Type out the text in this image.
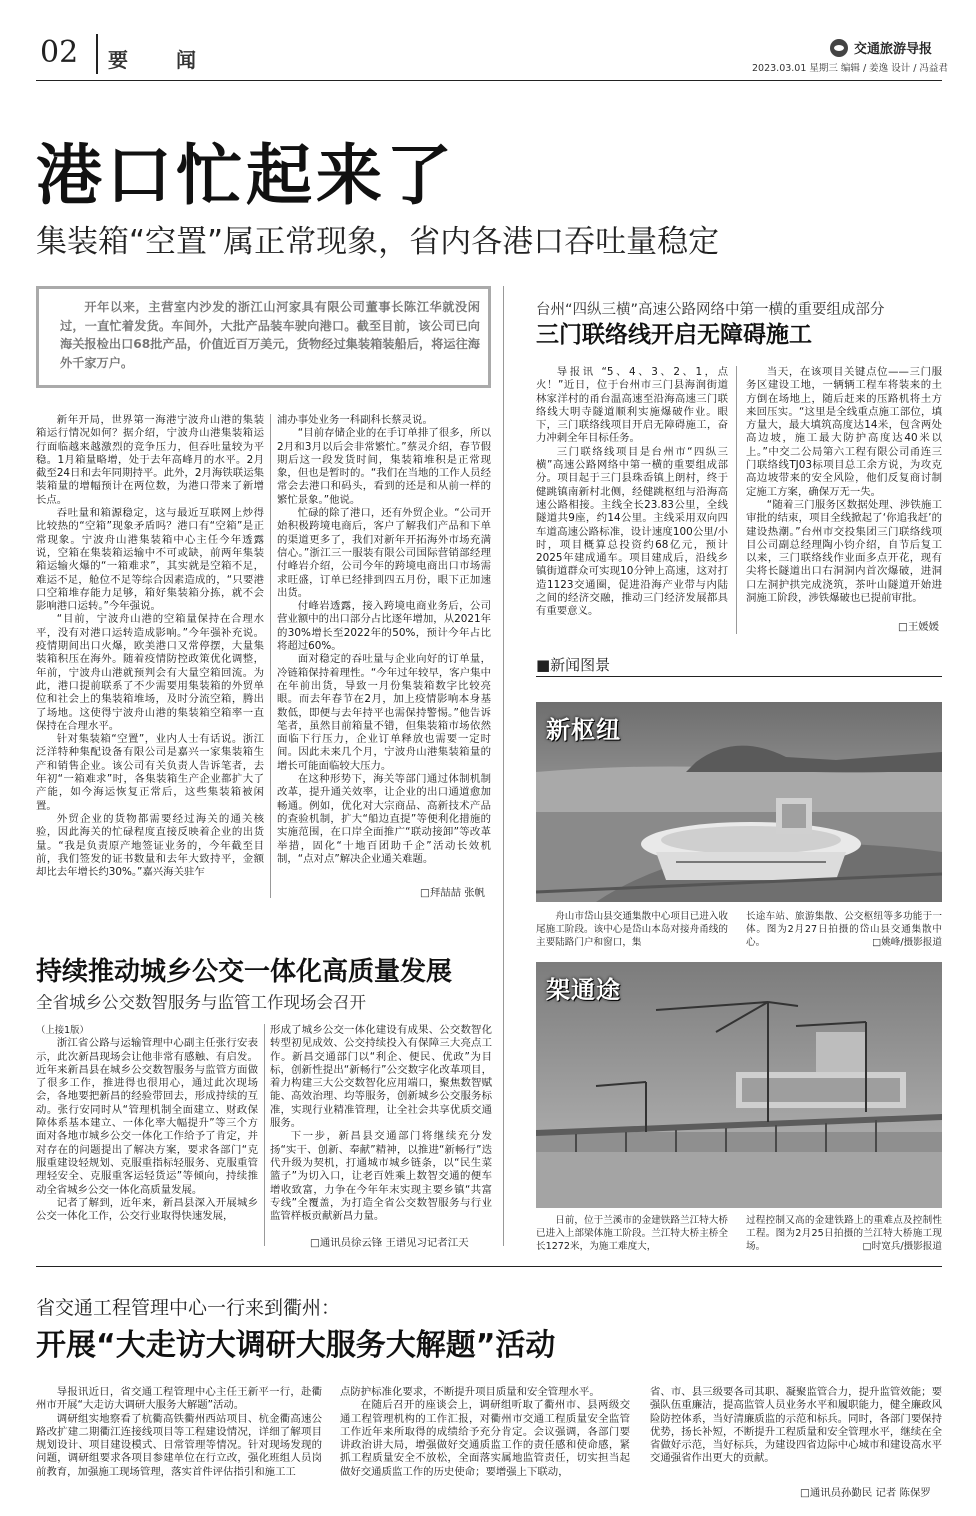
02 要　闻	交通旅游导报
2023.03.01 星期三 编辑 / 姜逸 设计 / 冯益君
港口忙起来了
集装箱“空置”属正常现象，省内各港口吞吐量稳定
开年以来，主营室内沙发的浙江山河家具有限公司董事长陈江华就没闲过，一直忙着发货。车间外，大批产品装车驶向港口。截至目前，该公司已向海关报检出口68批产品，价值近百万美元，货物经过集装箱装船后，将运往海外千家万户。

新年开局，世界第一海港宁波舟山港的集装箱运行情况如何？据介绍，宁波舟山港集装箱运行面临越来越激烈的竞争压力，但吞吐量较为平稳。1月箱量略增，处于去年高峰月的水平。2月截至24日和去年同期持平。此外，2月海铁联运集装箱量的增幅预计在两位数，为港口带来了新增长点。

吞吐量和箱源稳定，这与最近互联网上炒得比较热的“空箱”现象矛盾吗？港口有“空箱”是正常现象。宁波舟山港集装箱中心主任今年透露说，空箱在集装箱运输中不可或缺，前两年集装箱运输火爆的“一箱难求”，其实就是空箱不足，难运不足，舱位不足等综合因素造成的，“只要港口空箱堆存能力足够，箱好集装箱分拣，就不会影响港口运转。”今年强说。

“目前，宁波舟山港的空箱量保持在合理水平，没有对港口运转造成影响。”今年强补充说。疫情期间出口火爆，欧美港口又常停摆，大量集装箱积压在海外。随着疫情防控政策优化调整，年前，宁波舟山港就预判会有大量空箱回流。为此，港口提前联系了不少需要用集装箱的外贸单位和社会上的集装箱堆场，及时分流空箱，腾出了场地。这使得宁波舟山港的集装箱空箱率一直保持在合理水平。

针对集装箱“空置”，业内人士有话说。浙江泛洋特种集配设备有限公司是嘉兴一家集装箱生产和销售企业。该公司有关负责人告诉笔者，去年初“一箱难求”时，各集装箱生产企业都扩大了产能，如今海运恢复正常后，这些集装箱被闲置。

外贸企业的货物都需要经过海关的通关核验，因此海关的忙碌程度直接反映着企业的出货量。“我是负责原产地签证业务的，今年截至目前，我们签发的证书数量和去年大致持平，金额却比去年增长约30%。”嘉兴海关驻乍

浦办事处业务一科副科长蔡灵说。

“目前存储企业的在手订单排了很多，所以2月和3月以后会非常繁忙。”蔡灵介绍，春节假期后这一段发货时间，集装箱堆积是正常现象，但也是暂时的。“我们在当地的工作人员经常会去港口和码头，看到的还是和从前一样的繁忙景象。”他说。

忙碌的除了港口，还有外贸企业。“公司开始积极跨境电商后，客户了解我们产品和下单的渠道更多了，我们对新年开拓海外市场充满信心。”浙江三一服装有限公司国际营销部经理付峰岩介绍，公司今年的跨境电商出口市场需求旺盛，订单已经排到四五月份，眼下正加速出货。

付峰岩透露，接入跨境电商业务后，公司营业额中的出口部分占比逐年增加，从2021年的30%增长至2022年的50%，预计今年占比将超过60%。

面对稳定的吞吐量与企业向好的订单量，冷链箱保持着理性。“今年过年较早，客户集中在年前出货，导致一月份集装箱数字比较亮眼。而去年春节在2月，加上疫情影响本身基数低，即便与去年持平也需保持警惕。”他告诉笔者，虽然目前箱量不错，但集装箱市场依然面临下行压力，企业订单释放也需要一定时间。因此未来几个月，宁波舟山港集装箱量的增长可能面临较大压力。

在这种形势下，海关等部门通过体制机制改革，提升通关效率，让企业的出口通道愈加畅通。例如，优化对大宗商品、高新技术产品的查验机制，扩大“船边直提”等便利化措施的实施范围，在口岸全面推广“联动接卸”等改革举措，固化“十地百团助千企”活动长效机制，“点对点”解决企业通关难题。

□拜喆喆 张帆
台州“四纵三横”高速公路网络中第一横的重要组成部分
三门联络线开启无障碍施工

导报讯 “5、4、3、2、1，点火！”近日，位于台州市三门县海润街道林家洋村的甬台温高速至沿海高速三门联络线大明寺隧道顺利实施爆破作业。眼下，三门联络线项目开启无障碍施工，奋力冲刺全年目标任务。

三门联络线项目是台州市“四纵三横”高速公路网络中第一横的重要组成部分。项目起于三门县珠岙镇上朗村，终于健跳镇南新村北侧，经健跳枢纽与沿海高速公路相接。主线全长23.83公里，全线隧道共9座，约14公里。主线采用双向四车道高速公路标准，设计速度100公里/小时，项目概算总投资约68亿元，预计2025年建成通车。项目建成后，沿线乡镇街道群众可实现10分钟上高速，这对打造1123交通圈，促进沿海产业带与内陆之间的经济交融，推动三门经济发展都具有重要意义。

当天，在该项目关键点位——三门服务区建设工地，一辆辆工程车将装来的土方倒在场地上，随后赶来的压路机将土方来回压实。“这里是全线重点施工部位，填方量大，最大填筑高度达14米，包含两处高边坡，施工最大防护高度达40米以上。”中交二公局第六工程有限公司甬连三门联络线TJ03标项目总工余方说，为攻克高边坡带来的安全风险，他们反复商讨制定施工方案，确保万无一失。

“随着三门服务区数据处理、涉铁施工审批的结束，项目全线掀起了‘你追我赶’的建设热潮。”台州市交投集团三门联络线项目公司副总经理陶小钧介绍，自节后复工以来，三门联络线作业面多点开花，现有尖将长隧道出口右洞洞内首次爆破，进洞口左洞护拱完成浇筑，茶叶山隧道开始进洞施工阶段，涉铁爆破也已提前审批。

□王媛媛
■新闻图景
新枢纽
舟山市岱山县交通集散中心项目已进入收尾施工阶段。该中心是岱山本岛对接舟甬线的主要陆路门户和窗口，集
长途车站、旅游集散、公交枢纽等多功能于一体。图为2月27日拍摄的岱山县交通集散中心。	□姚峰/摄影报道
架通途
日前，位于兰溪市的金建铁路兰江特大桥已进入上部梁体施工阶段。兰江特大桥主桥全长1272米，为施工难度大，
过程控制又高的金建铁路上的重难点及控制性工程。图为2月25日拍摄的兰江特大桥施工现场。	□时宽兵/摄影报道
持续推动城乡公交一体化高质量发展
全省城乡公交数智服务与监管工作现场会召开

（上接1版）

浙江省公路与运输管理中心副主任张行安表示，此次新昌现场会让他非常有感触、有启发。近年来新昌县在城乡公交数智服务与监管方面做了很多工作，推进得也很用心，通过此次现场会，各地要把新昌的经验带回去，形成持续的互动。张行安同时从“管理机制全面建立、财政保障体系基本建立、一体化率大幅提升”等三个方面对各地市城乡公交一体化工作给予了肯定，并对存在的问题提出了解决方案，要求各部门“克服重建设轻规划、克服重指标轻服务、克服重管理轻安全、克服重客运轻货运”等倾向，持续推动全省城乡公交一体化高质量发展。

记者了解到，近年来，新昌县深入开展城乡公交一体化工作，公交行业取得快速发展，

形成了城乡公交一体化建设有成果、公交数智化转型初见成效、公交持续投入有保障三大亮点工作。新昌交通部门以“利企、便民、优政”为目标，创新性提出“新畅行”公交数字化改革项目，着力构建三大公交数智化应用端口，聚焦数智赋能、高效治理、均等服务，创新城乡公交服务标准，实现行业精准管理，让全社会共享优质交通服务。

下一步，新昌县交通部门将继续充分发扬“实干、创新、奉献”精神，以推进“新畅行”迭代升级为契机，打通城市城乡链条，以“民生菜篮子”为切入口，让老百姓乘上数智交通的便车增收致富，力争在今年年末实现主要乡镇“共富专线”全覆盖，为打造全省公交数智服务与行业监管样板贡献新昌力量。

□通讯员徐云锋 王谱见习记者江天
省交通工程管理中心一行来到衢州：
开展“大走访大调研大服务大解题”活动

导报讯近日，省交通工程管理中心主任王新平一行，赴衢州市开展“大走访大调研大服务大解题”活动。

调研组实地察看了杭衢高铁衢州西站项目、杭金衢高速公路改扩建二期衢江连接线项目等工程建设情况，详细了解项目规划设计、项目建设模式、日常管理等情况。针对现场发现的问题，调研组要求各项目参建单位在行立改，强化班组人员岗前教育，加强施工现场管理，落实首件评估指引和施工工

点防护标准化要求，不断提升项目质量和安全管理水平。

在随后召开的座谈会上，调研组听取了衢州市、县两级交通工程管理机构的工作汇报，对衢州市交通工程质量安全监管工作近年来所取得的成绩给予充分肯定。会议强调，各部门要讲政治讲大局，增强做好交通质监工作的责任感和使命感，紧抓工程质量安全不放松，全面落实属地监管责任，切实担当起做好交通质监工作的历史使命；要增强上下联动，

省、市、县三级要各司其职、凝聚监管合力，提升监管效能；要强队伍重廉洁，提高监管人员业务水平和履职能力，健全廉政风险防控体系，当好清廉质监的示范和标兵。同时，各部门要保持优势，扬长补短，不断提升工程质量和安全管理水平，继续在全省做好示范，当好标兵，为建设四省边际中心城市和建设高水平交通强省作出更大的贡献。

□通讯员孙勤民 记者 陈保罗
